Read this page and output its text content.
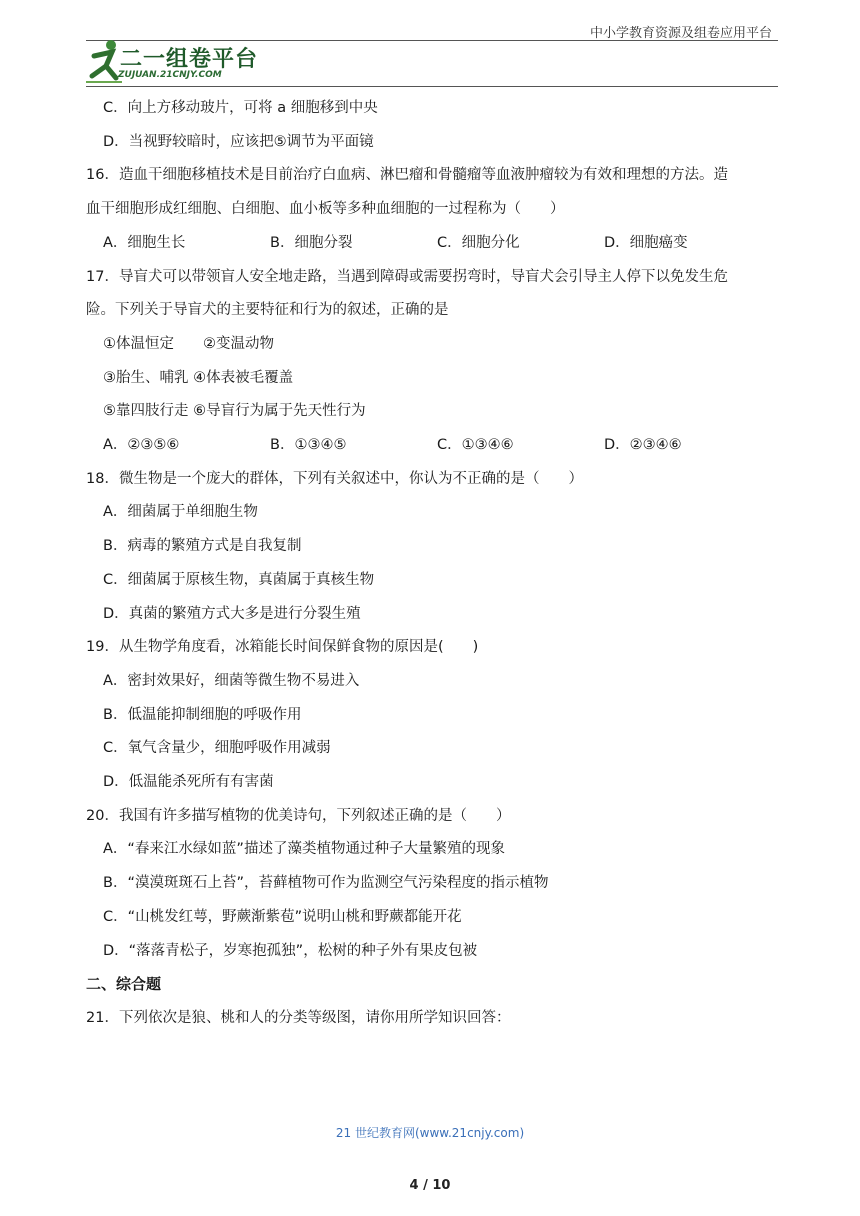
中小学教育资源及组卷应用平台
二一组卷平台
ZUJUAN.21CNJY.COM
C．向上方移动玻片，可将 a 细胞移到中央
D．当视野较暗时，应该把⑤调节为平面镜
16．造血干细胞移植技术是目前治疗白血病、淋巴瘤和骨髓瘤等血液肿瘤较为有效和理想的方法。造
血干细胞形成红细胞、白细胞、血小板等多种血细胞的一过程称为（　　）
A．细胞生长	B．细胞分裂	C．细胞分化	D．细胞癌变
17．导盲犬可以带领盲人安全地走路，当遇到障碍或需要拐弯时，导盲犬会引导主人停下以免发生危
险。下列关于导盲犬的主要特征和行为的叙述，正确的是
①体温恒定　　②变温动物
③胎生、哺乳 ④体表被毛覆盖
⑤靠四肢行走 ⑥导盲行为属于先天性行为
A．②③⑤⑥	B．①③④⑤	C．①③④⑥	D．②③④⑥
18．微生物是一个庞大的群体，下列有关叙述中，你认为不正确的是（　　）
A．细菌属于单细胞生物
B．病毒的繁殖方式是自我复制
C．细菌属于原核生物，真菌属于真核生物
D．真菌的繁殖方式大多是进行分裂生殖
19．从生物学角度看，冰箱能长时间保鲜食物的原因是(　　)
A．密封效果好，细菌等微生物不易进入
B．低温能抑制细胞的呼吸作用
C．氧气含量少，细胞呼吸作用减弱
D．低温能杀死所有有害菌
20．我国有许多描写植物的优美诗句，下列叙述正确的是（　　）
A．“春来江水绿如蓝”描述了藻类植物通过种子大量繁殖的现象
B．“漠漠斑斑石上苔”，苔藓植物可作为监测空气污染程度的指示植物
C．“山桃发红萼，野蕨渐紫苞”说明山桃和野蕨都能开花
D．“落落青松子，岁寒抱孤独”，松树的种子外有果皮包被
二、综合题
21．下列依次是狼、桃和人的分类等级图，请你用所学知识回答：
21 世纪教育网(www.21cnjy.com)
4 / 10
